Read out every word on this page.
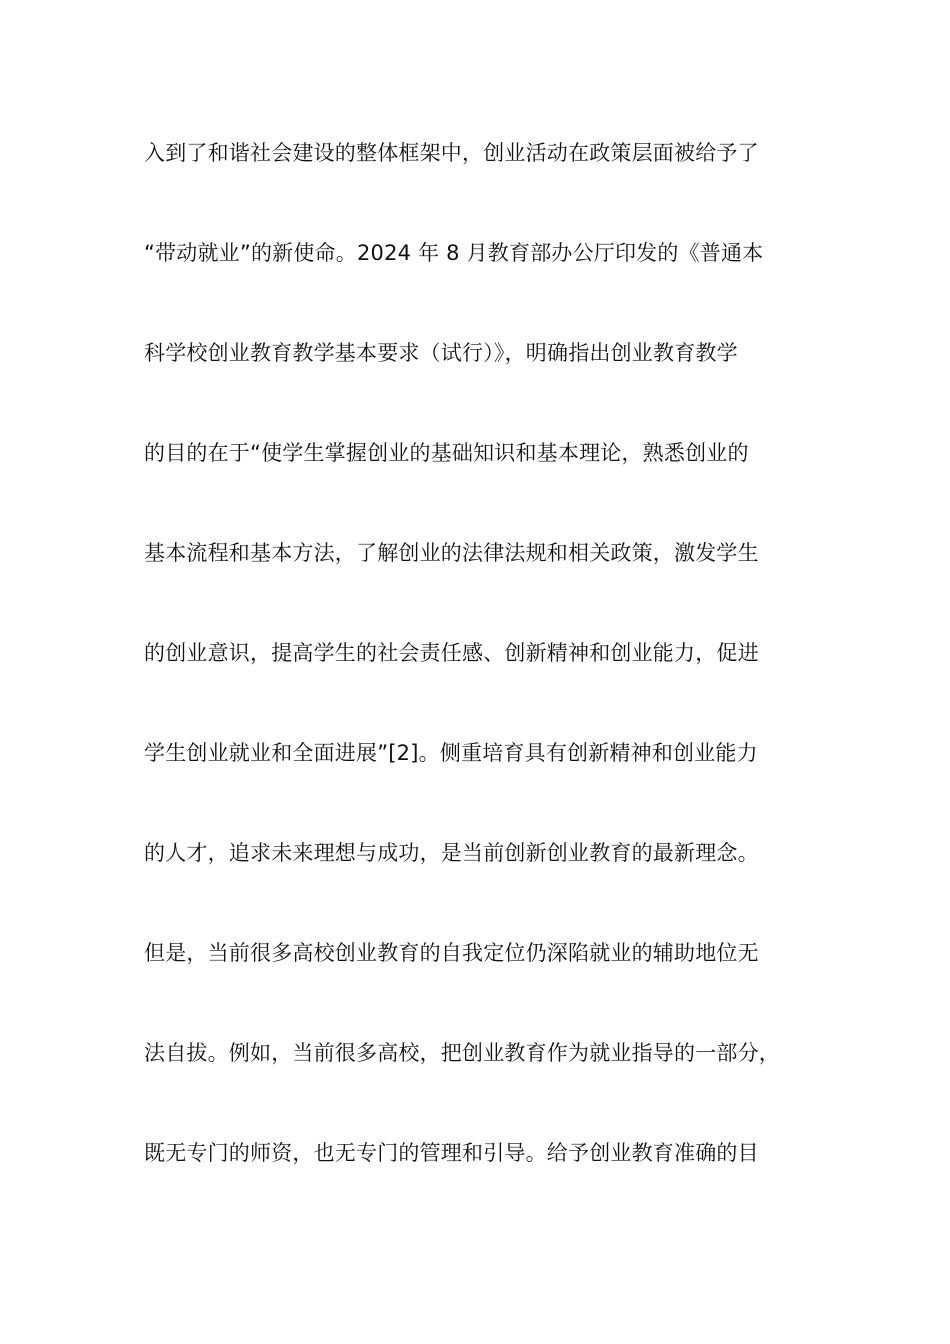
入到了和谐社会建设的整体框架中，创业活动在政策层面被给予了
“带动就业”的新使命。2024 年 8 月教育部办公厅印发的《普通本
科学校创业教育教学基本要求（试行）》，明确指出创业教育教学
的目的在于“使学生掌握创业的基础知识和基本理论，熟悉创业的
基本流程和基本方法，了解创业的法律法规和相关政策，激发学生
的创业意识，提高学生的社会责任感、创新精神和创业能力，促进
学生创业就业和全面进展”[2]。侧重培育具有创新精神和创业能力
的人才，追求未来理想与成功，是当前创新创业教育的最新理念。
但是，当前很多高校创业教育的自我定位仍深陷就业的辅助地位无
法自拔。例如，当前很多高校，把创业教育作为就业指导的一部分，
既无专门的师资，也无专门的管理和引导。给予创业教育准确的目
